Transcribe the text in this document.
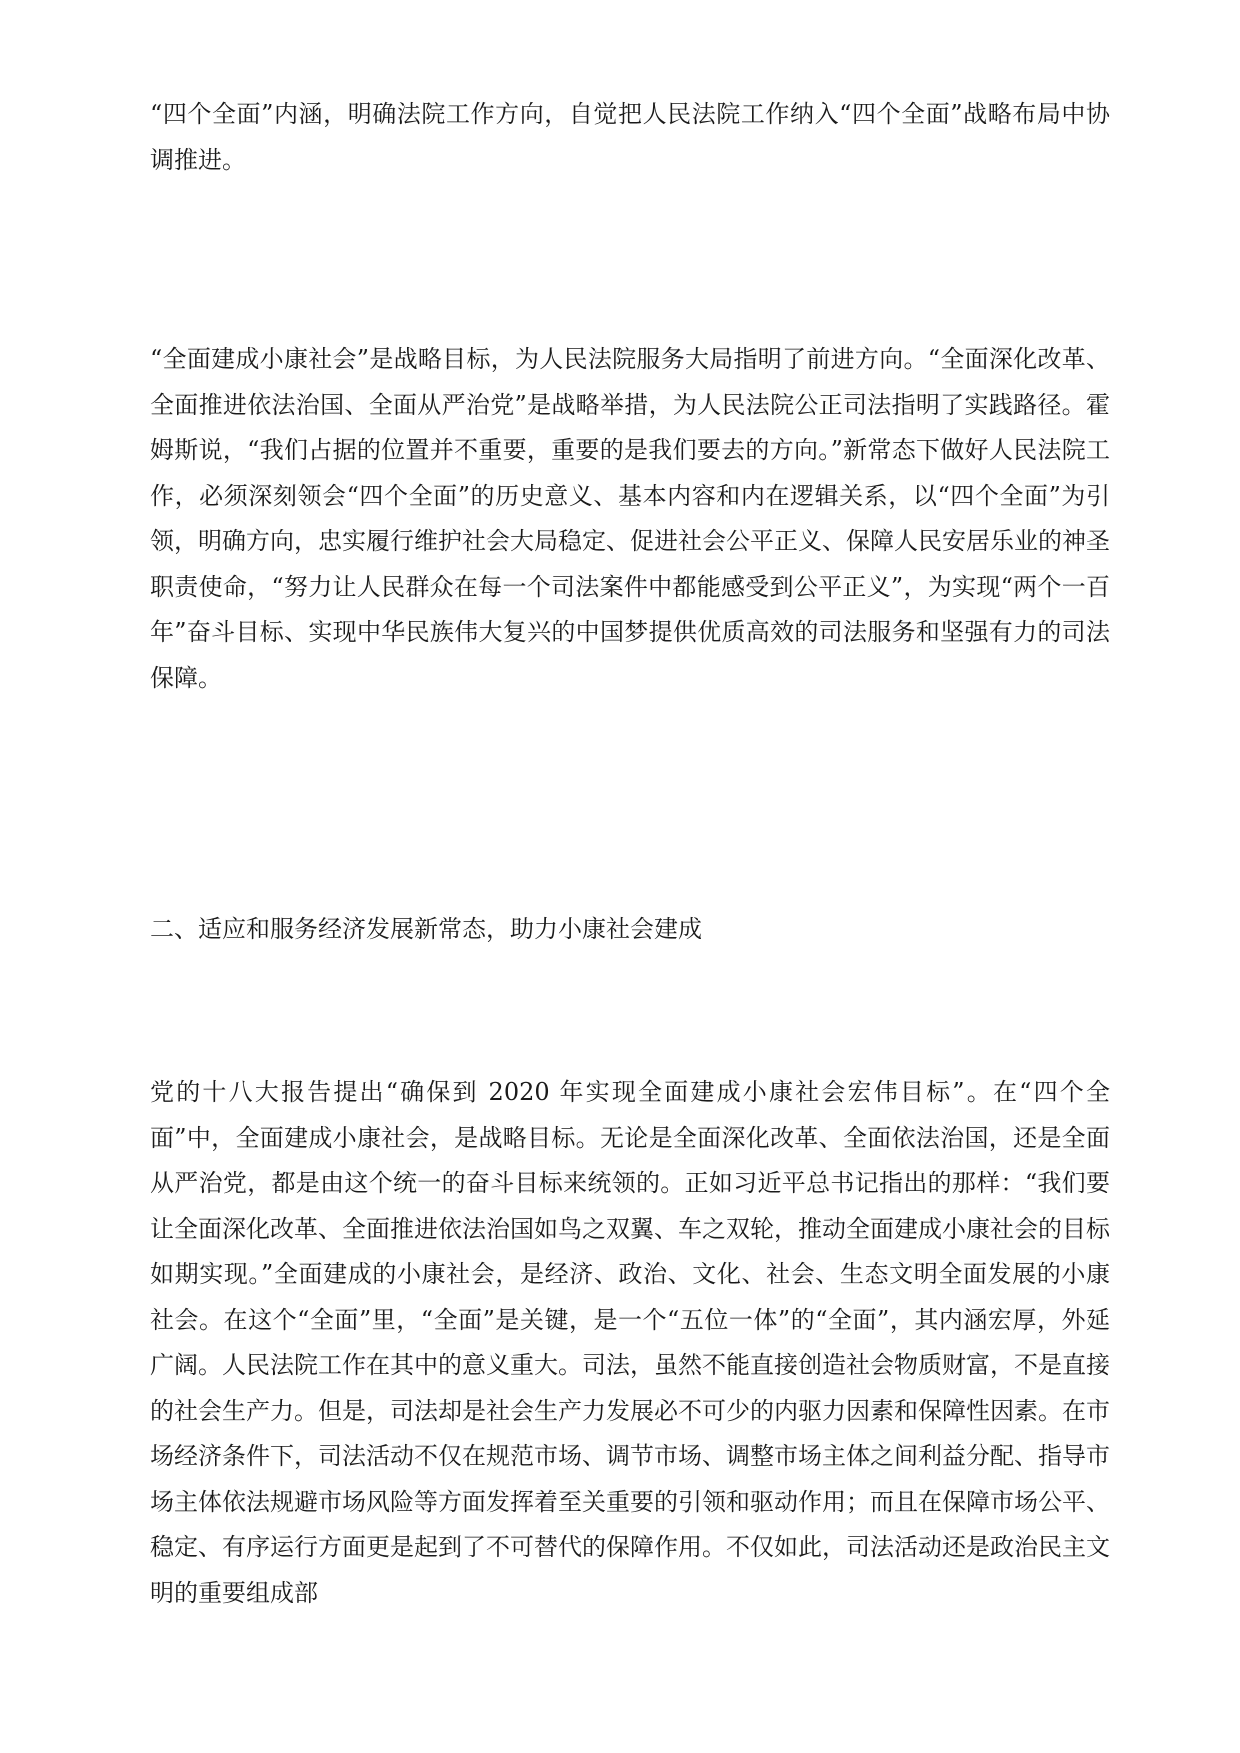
“四个全面”内涵，明确法院工作方向，自觉把人民法院工作纳入“四个全面”战略布局中协调推进。

“全面建成小康社会”是战略目标，为人民法院服务大局指明了前进方向。“全面深化改革、全面推进依法治国、全面从严治党”是战略举措，为人民法院公正司法指明了实践路径。霍姆斯说，“我们占据的位置并不重要，重要的是我们要去的方向。”新常态下做好人民法院工作，必须深刻领会“四个全面”的历史意义、基本内容和内在逻辑关系，以“四个全面”为引领，明确方向，忠实履行维护社会大局稳定、促进社会公平正义、保障人民安居乐业的神圣职责使命，“努力让人民群众在每一个司法案件中都能感受到公平正义”，为实现“两个一百年”奋斗目标、实现中华民族伟大复兴的中国梦提供优质高效的司法服务和坚强有力的司法保障。

二、适应和服务经济发展新常态，助力小康社会建成

党的十八大报告提出“确保到 2020 年实现全面建成小康社会宏伟目标”。在“四个全面”中，全面建成小康社会，是战略目标。无论是全面深化改革、全面依法治国，还是全面从严治党，都是由这个统一的奋斗目标来统领的。正如习近平总书记指出的那样：“我们要让全面深化改革、全面推进依法治国如鸟之双翼、车之双轮，推动全面建成小康社会的目标如期实现。”全面建成的小康社会，是经济、政治、文化、社会、生态文明全面发展的小康社会。在这个“全面”里，“全面”是关键，是一个“五位一体”的“全面”，其内涵宏厚，外延广阔。人民法院工作在其中的意义重大。司法，虽然不能直接创造社会物质财富，不是直接的社会生产力。但是，司法却是社会生产力发展必不可少的内驱力因素和保障性因素。在市场经济条件下，司法活动不仅在规范市场、调节市场、调整市场主体之间利益分配、指导市场主体依法规避市场风险等方面发挥着至关重要的引领和驱动作用；而且在保障市场公平、稳定、有序运行方面更是起到了不可替代的保障作用。不仅如此，司法活动还是政治民主文明的重要组成部
